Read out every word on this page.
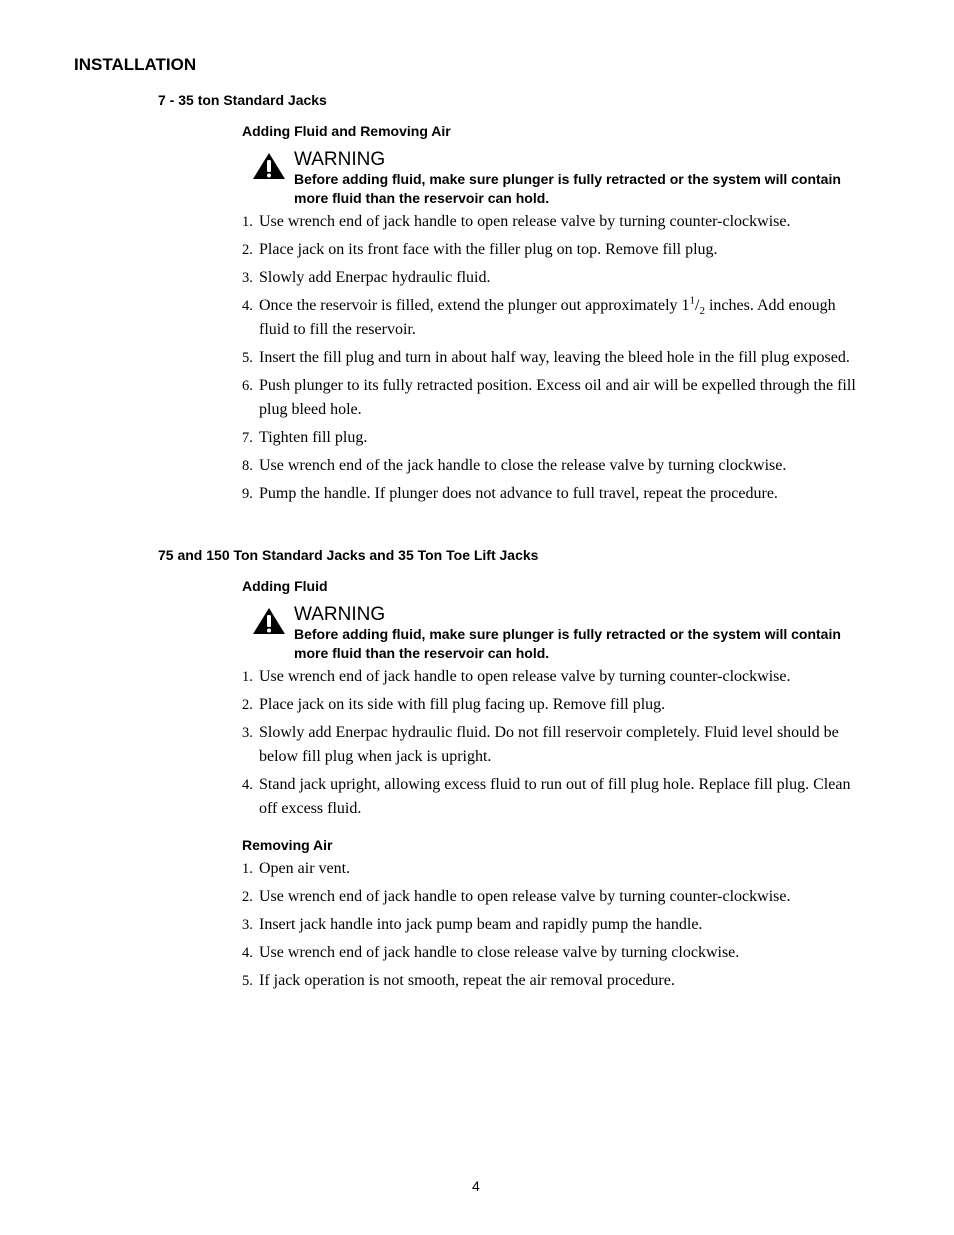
INSTALLATION
7 - 35 ton Standard Jacks
Adding Fluid and Removing Air
WARNING
Before adding fluid, make sure plunger is fully retracted or the system will contain more fluid than the reservoir can hold.
1. Use wrench end of jack handle to open release valve by turning counter-clockwise.
2. Place jack on its front face with the filler plug on top. Remove fill plug.
3. Slowly add Enerpac hydraulic fluid.
4. Once the reservoir is filled, extend the plunger out approximately $1^1/_2$ inches. Add enough fluid to fill the reservoir.
5. Insert the fill plug and turn in about half way, leaving the bleed hole in the fill plug exposed.
6. Push plunger to its fully retracted position. Excess oil and air will be expelled through the fill plug bleed hole.
7. Tighten fill plug.
8. Use wrench end of the jack handle to close the release valve by turning clockwise.
9. Pump the handle. If plunger does not advance to full travel, repeat the procedure.
75 and 150 Ton Standard Jacks and 35 Ton Toe Lift Jacks
Adding Fluid
WARNING
Before adding fluid, make sure plunger is fully retracted or the system will contain more fluid than the reservoir can hold.
1. Use wrench end of jack handle to open release valve by turning counter-clockwise.
2. Place jack on its side with fill plug facing up. Remove fill plug.
3. Slowly add Enerpac hydraulic fluid. Do not fill reservoir completely. Fluid level should be below fill plug when jack is upright.
4. Stand jack upright, allowing excess fluid to run out of fill plug hole. Replace fill plug. Clean off excess fluid.
Removing Air
1. Open air vent.
2. Use wrench end of jack handle to open release valve by turning counter-clockwise.
3. Insert jack handle into jack pump beam and rapidly pump the handle.
4. Use wrench end of jack handle to close release valve by turning clockwise.
5. If jack operation is not smooth, repeat the air removal procedure.
4
